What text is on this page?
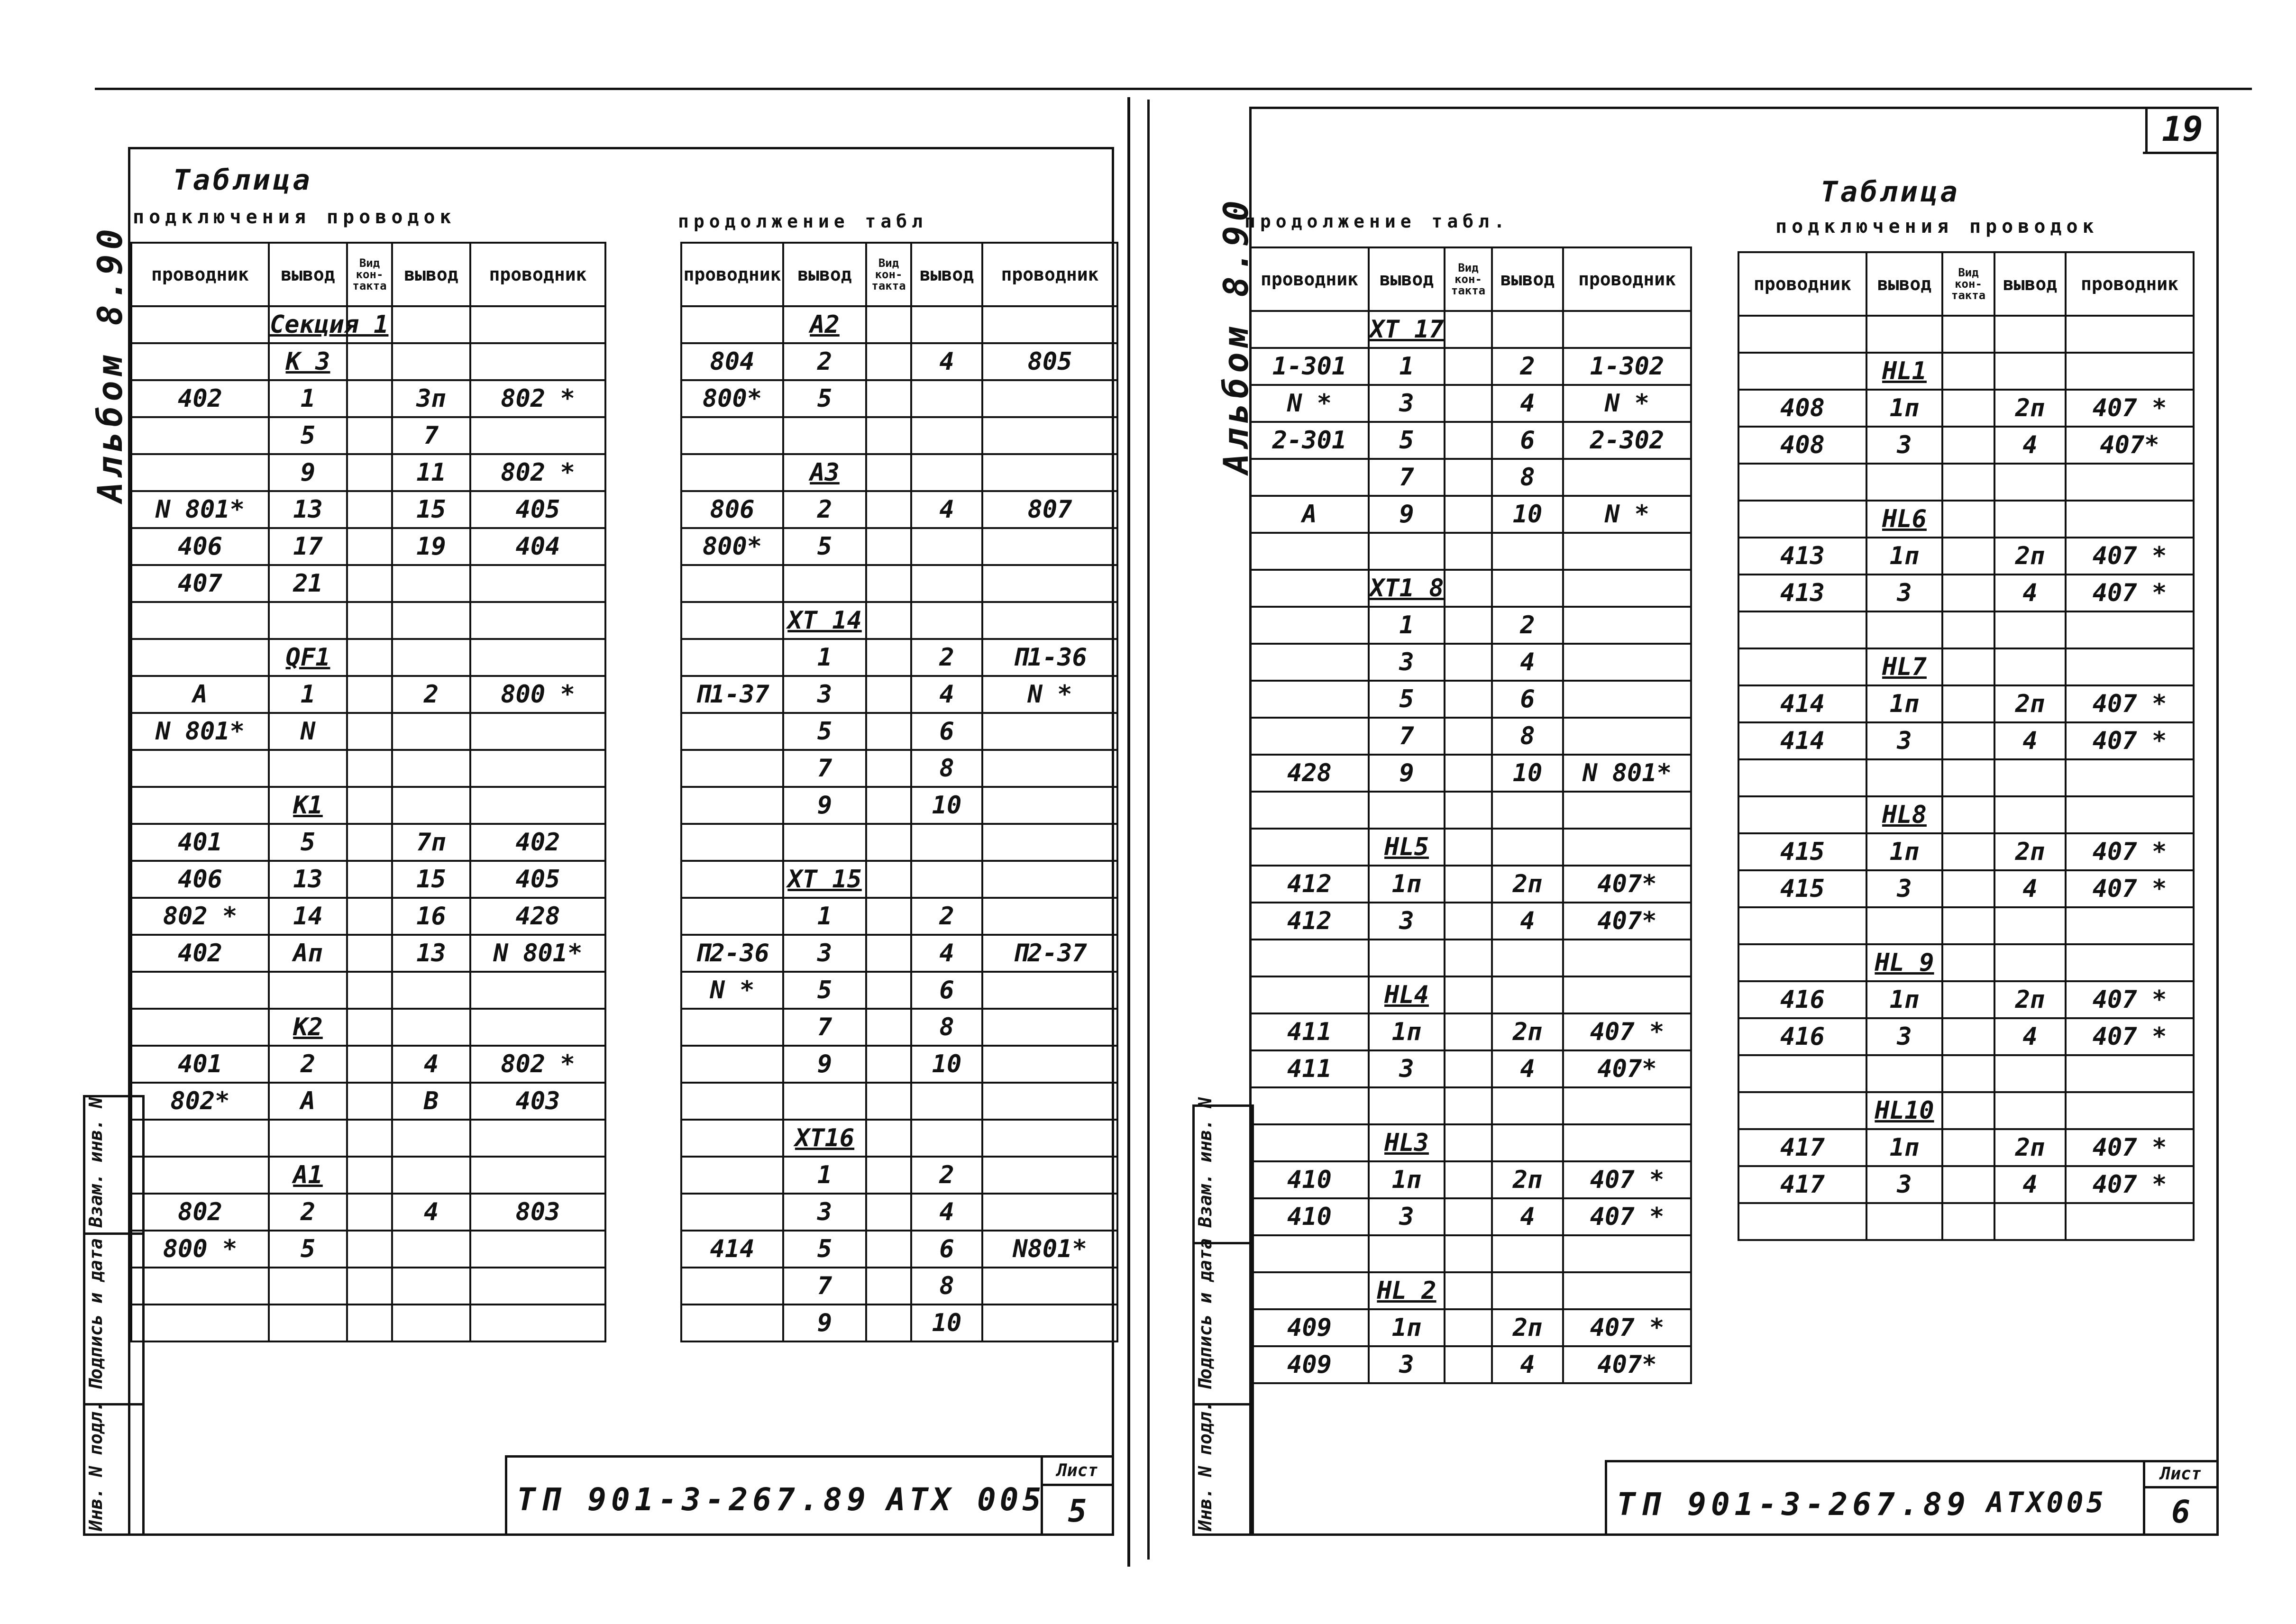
Альбом 8.90
Инв. N подл. Подпись и дата Взам. инв. N
Таблица
подключения проводок	продолжение табл
проводник	вывод	Вид кон-такта	вывод	проводник
	Секция 1			
	К 3			
402	1		3п	802 *
	5		7	
	9		11	802 *
N 801*	13		15	405
406	17		19	404
407	21			

	QF1			
A	1		2	800 *
N 801*	N			

	K1			
401	5		7п	402
406	13		15	405
802 *	14		16	428
402	Aп		13	N 801*

	K2			
401	2		4	802 *
802*	A		B	403

	A1			
802	2		4	803
800 *	5			

проводник	вывод	Вид кон-такта	вывод	проводник
	A2			
804	2		4	805
800*	5			

	A3			
806	2		4	807
800*	5			

	XT 14			
	1		2	П1-36
П1-37	3		4	N *
	5		6	
	7		8	
	9		10	

	XT 15			
	1		2	
П2-36	3		4	П2-37
N *	5		6	
	7		8	
	9		10	

	XT16			
	1		2	
	3		4	
414	5		6	N801*
	7		8	
	9		10	
ТП 901-3-267.89 АТХ 005
Лист
5
19
Альбом 8.90
Инв. N подл. Подпись и дата Взам. инв. N
продолжение табл.
Таблица
подключения проводок
проводник	вывод	Вид кон-такта	вывод	проводник
	XT 17			
1-301	1		2	1-302
N *	3		4	N *
2-301	5		6	2-302
	7		8	
A	9		10	N *

	XT1 8			
	1		2	
	3		4	
	5		6	
	7		8	
428	9		10	N 801*

	HL5			
412	1п		2п	407*
412	3		4	407*

	HL4			
411	1п		2п	407 *
411	3		4	407*

	HL3			
410	1п		2п	407 *
410	3		4	407 *

	HL 2			
409	1п		2п	407 *
409	3		4	407*
проводник	вывод	Вид кон-такта	вывод	проводник

	HL1			
408	1п		2п	407 *
408	3		4	407*

	HL6			
413	1п		2п	407 *
413	3		4	407 *

	HL7			
414	1п		2п	407 *
414	3		4	407 *

	HL8			
415	1п		2п	407 *
415	3		4	407 *

	HL 9			
416	1п		2п	407 *
416	3		4	407 *

	HL10			
417	1п		2п	407 *
417	3		4	407 *

ТП 901-3-267.89 АТХ005
Лист
6
